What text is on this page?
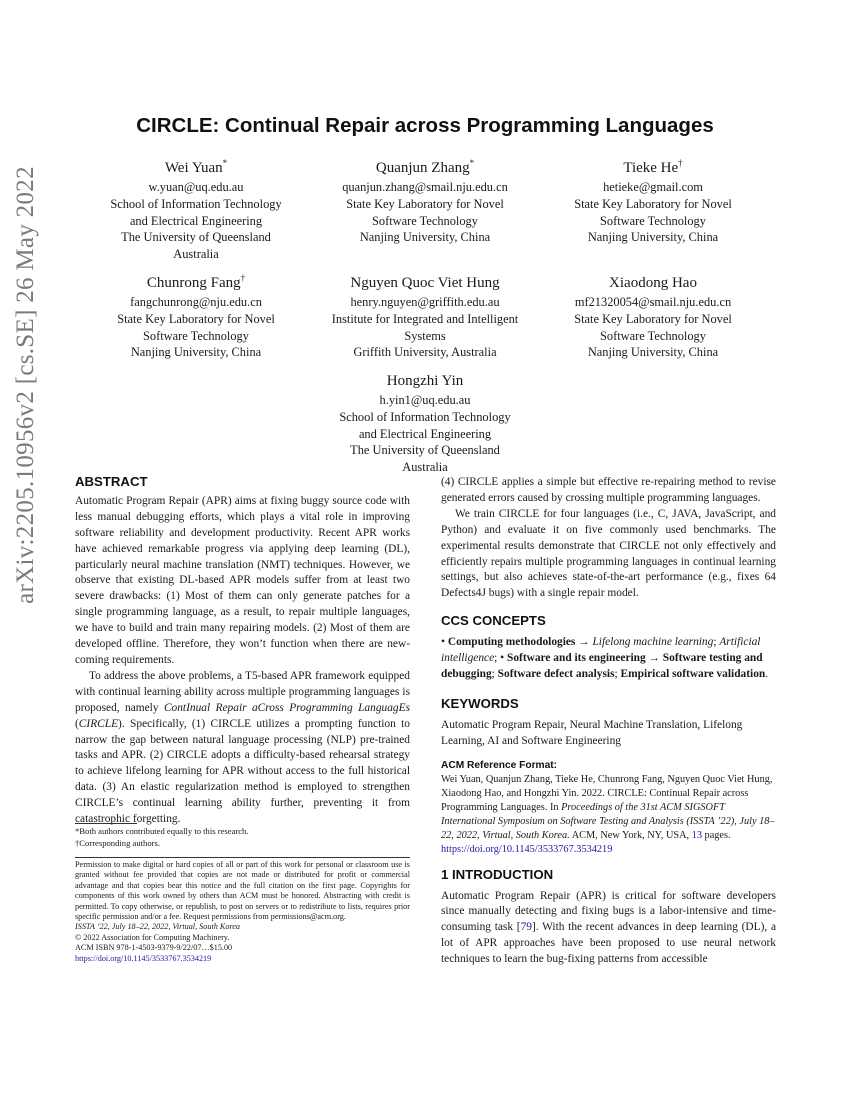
arXiv:2205.10956v2 [cs.SE] 26 May 2022
CIRCLE: Continual Repair across Programming Languages
Wei Yuan*
w.yuan@uq.edu.au
School of Information Technology
and Electrical Engineering
The University of Queensland
Australia
Quanjun Zhang*
quanjun.zhang@smail.nju.edu.cn
State Key Laboratory for Novel
Software Technology
Nanjing University, China
Tieke He†
hetieke@gmail.com
State Key Laboratory for Novel
Software Technology
Nanjing University, China
Chunrong Fang†
fangchunrong@nju.edu.cn
State Key Laboratory for Novel
Software Technology
Nanjing University, China
Nguyen Quoc Viet Hung
henry.nguyen@griffith.edu.au
Institute for Integrated and Intelligent
Systems
Griffith University, Australia
Xiaodong Hao
mf21320054@smail.nju.edu.cn
State Key Laboratory for Novel
Software Technology
Nanjing University, China
Hongzhi Yin
h.yin1@uq.edu.au
School of Information Technology
and Electrical Engineering
The University of Queensland
Australia
ABSTRACT

Automatic Program Repair (APR) aims at fixing buggy source code with less manual debugging efforts, which plays a vital role in improving software reliability and development productivity. Recent APR works have achieved remarkable progress via applying deep learning (DL), particularly neural machine translation (NMT) techniques. However, we observe that existing DL-based APR models suffer from at least two severe drawbacks: (1) Most of them can only generate patches for a single programming language, as a result, to repair multiple languages, we have to build and train many repairing models. (2) Most of them are developed offline. Therefore, they won’t function when there are new-coming requirements.

To address the above problems, a T5-based APR framework equipped with continual learning ability across multiple programming languages is proposed, namely ContInual Repair aCross Programming LanguagEs (CIRCLE). Specifically, (1) CIRCLE utilizes a prompting function to narrow the gap between natural language processing (NLP) pre-trained tasks and APR. (2) CIRCLE adopts a difficulty-based rehearsal strategy to achieve lifelong learning for APR without access to the full historical data. (3) An elastic regularization method is employed to strengthen CIRCLE’s continual learning ability further, preventing it from catastrophic forgetting.

*Both authors contributed equally to this research.
†Corresponding authors.

Permission to make digital or hard copies of all or part of this work for personal or classroom use is granted without fee provided that copies are not made or distributed for profit or commercial advantage and that copies bear this notice and the full citation on the first page. Copyrights for components of this work owned by others than ACM must be honored. Abstracting with credit is permitted. To copy otherwise, or republish, to post on servers or to redistribute to lists, requires prior specific permission and/or a fee. Request permissions from permissions@acm.org.

ISSTA ’22, July 18–22, 2022, Virtual, South Korea

© 2022 Association for Computing Machinery.

ACM ISBN 978-1-4503-9379-9/22/07…$15.00

https://doi.org/10.1145/3533767.3534219

(4) CIRCLE applies a simple but effective re-repairing method to revise generated errors caused by crossing multiple programming languages.

We train CIRCLE for four languages (i.e., C, JAVA, JavaScript, and Python) and evaluate it on five commonly used benchmarks. The experimental results demonstrate that CIRCLE not only effectively and efficiently repairs multiple programming languages in continual learning settings, but also achieves state-of-the-art performance (e.g., fixes 64 Defects4J bugs) with a single repair model.

CCS CONCEPTS

• Computing methodologies → Lifelong machine learning; Artificial intelligence; • Software and its engineering → Software testing and debugging; Software defect analysis; Empirical software validation.

KEYWORDS

Automatic Program Repair, Neural Machine Translation, Lifelong Learning, AI and Software Engineering

ACM Reference Format:
Wei Yuan, Quanjun Zhang, Tieke He, Chunrong Fang, Nguyen Quoc Viet Hung, Xiaodong Hao, and Hongzhi Yin. 2022. CIRCLE: Continual Repair across Programming Languages. In Proceedings of the 31st ACM SIGSOFT International Symposium on Software Testing and Analysis (ISSTA ’22), July 18–22, 2022, Virtual, South Korea. ACM, New York, NY, USA, 13 pages.
https://doi.org/10.1145/3533767.3534219
1 INTRODUCTION

Automatic Program Repair (APR) is critical for software developers since manually detecting and fixing bugs is a labor-intensive and time-consuming task [79]. With the recent advances in deep learning (DL), a lot of APR approaches have been proposed to use neural network techniques to learn the bug-fixing patterns from accessible
